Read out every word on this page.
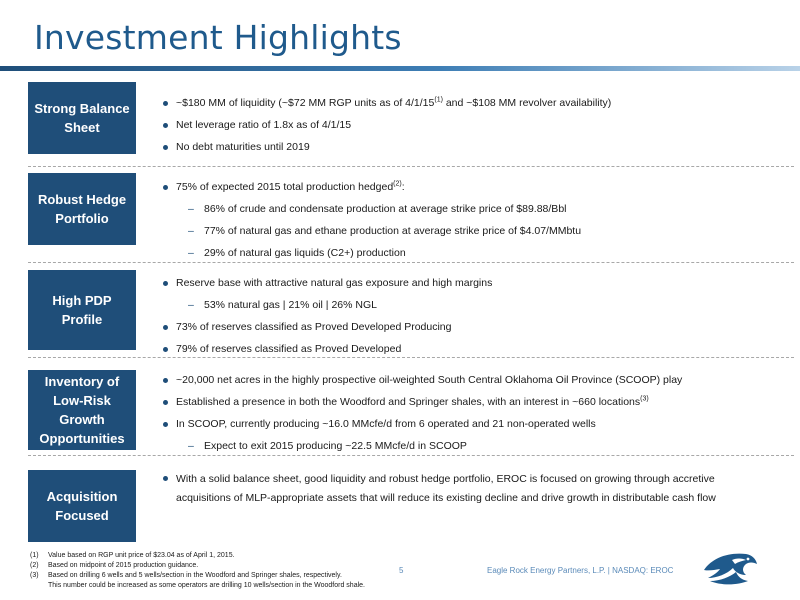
Investment Highlights
Strong Balance
Sheet
~$180 MM of liquidity (~$72 MM RGP units as of 4/1/15$^{(1)}$ and ~$108 MM revolver availability)
Net leverage ratio of 1.8x as of 4/1/15
No debt maturities until 2019
Robust Hedge
Portfolio
75% of expected 2015 total production hedged$^{(2)}$:
– 86% of crude and condensate production at average strike price of $89.88/Bbl
– 77% of natural gas and ethane production at average strike price of $4.07/MMbtu
– 29% of natural gas liquids (C2+) production
High PDP
Profile
Reserve base with attractive natural gas exposure and high margins
– 53% natural gas | 21% oil | 26% NGL
73% of reserves classified as Proved Developed Producing
79% of reserves classified as Proved Developed
Inventory of
Low-Risk Growth
Opportunities
~20,000 net acres in the highly prospective oil-weighted South Central Oklahoma Oil Province (SCOOP) play
Established a presence in both the Woodford and Springer shales, with an interest in ~660 locations$^{(3)}$
In SCOOP, currently producing ~16.0 MMcfe/d from 6 operated and 21 non-operated wells
– Expect to exit 2015 producing ~22.5 MMcfe/d in SCOOP
Acquisition
Focused
With a solid balance sheet, good liquidity and robust hedge portfolio, EROC is focused on growing through accretive acquisitions of MLP-appropriate assets that will reduce its existing decline and drive growth in distributable cash flow
(1) Value based on RGP unit price of $23.04 as of April 1, 2015.
(2) Based on midpoint of 2015 production guidance.
(3) Based on drilling 6 wells and 5 wells/section in the Woodford and Springer shales, respectively.
This number could be increased as some operators are drilling 10 wells/section in the Woodford shale.
5	Eagle Rock Energy Partners, L.P. | NASDAQ: EROC
